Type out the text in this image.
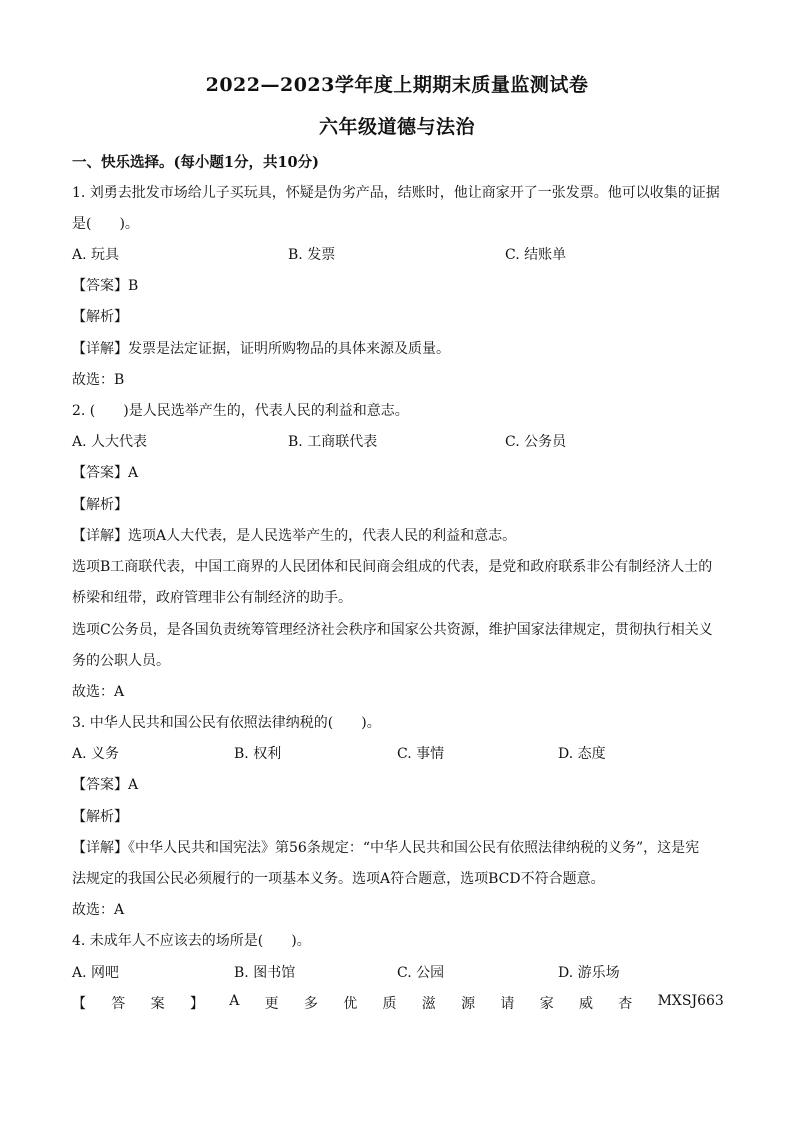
2022—2023学年度上期期末质量监测试卷
六年级道德与法治
一、快乐选择。(每小题1分，共10分)
1. 刘勇去批发市场给儿子买玩具，怀疑是伪劣产品，结账时，他让商家开了一张发票。他可以收集的证据
是(　　)。
A. 玩具	B. 发票	C. 结账单
【答案】B
【解析】
【详解】发票是法定证据，证明所购物品的具体来源及质量。
故选：B
2. (　　)是人民选举产生的，代表人民的利益和意志。
A. 人大代表	B. 工商联代表	C. 公务员
【答案】A
【解析】
【详解】选项A人大代表，是人民选举产生的，代表人民的利益和意志。
选项B工商联代表，中国工商界的人民团体和民间商会组成的代表，是党和政府联系非公有制经济人士的
桥梁和纽带，政府管理非公有制经济的助手。
选项C公务员，是各国负责统筹管理经济社会秩序和国家公共资源，维护国家法律规定，贯彻执行相关义
务的公职人员。
故选：A
3. 中华人民共和国公民有依照法律纳税的(　　)。
A. 义务	B. 权利	C. 事情	D. 态度
【答案】A
【解析】
【详解】《中华人民共和国宪法》第56条规定：“中华人民共和国公民有依照法律纳税的义务”，这是宪
法规定的我国公民必须履行的一项基本义务。选项A符合题意，选项BCD不符合题意。
故选：A
4. 未成年人不应该去的场所是(　　)。
A. 网吧	B. 图书馆	C. 公园	D. 游乐场
【 答 案 】 A 更 多 优 质 滋 源 请 家 威 杏 MXSJ663
